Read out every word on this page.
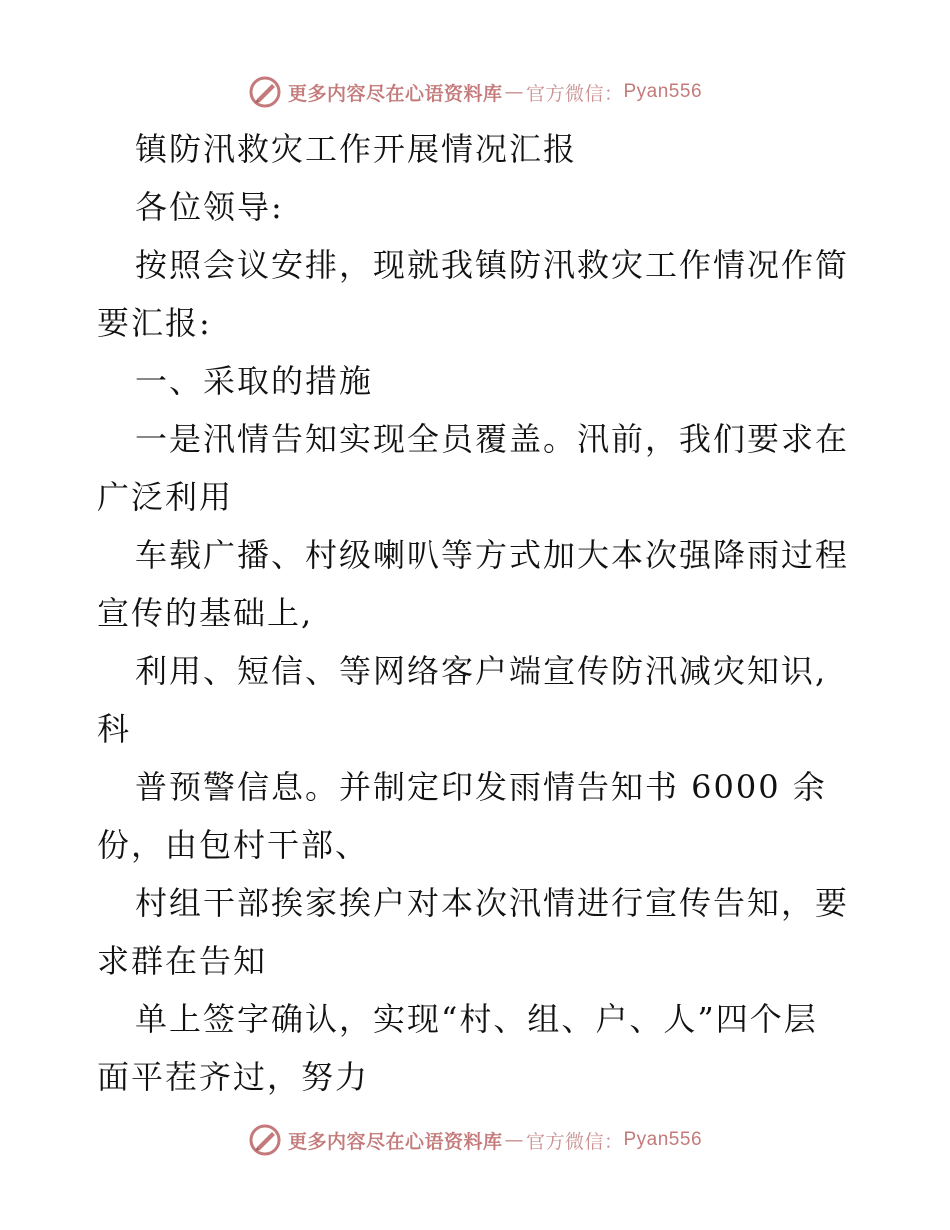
更多内容尽在心语资料库 — 官方微信： Pyan556
镇防汛救灾工作开展情况汇报
各位领导:
按照会议安排，现就我镇防汛救灾工作情况作简
要汇报:
一、采取的措施
一是汛情告知实现全员覆盖。汛前，我们要求在
广泛利用
车载广播、村级喇叭等方式加大本次强降雨过程
宣传的基础上,
利用、短信、等网络客户端宣传防汛减灾知识,
科
普预警信息。并制定印发雨情告知书 6000 余
份，由包村干部、
村组干部挨家挨户对本次汛情进行宣传告知，要
求群在告知
单上签字确认，实现“村、组、户、人”四个层
面平茬齐过，努力
更多内容尽在心语资料库 — 官方微信： Pyan556
